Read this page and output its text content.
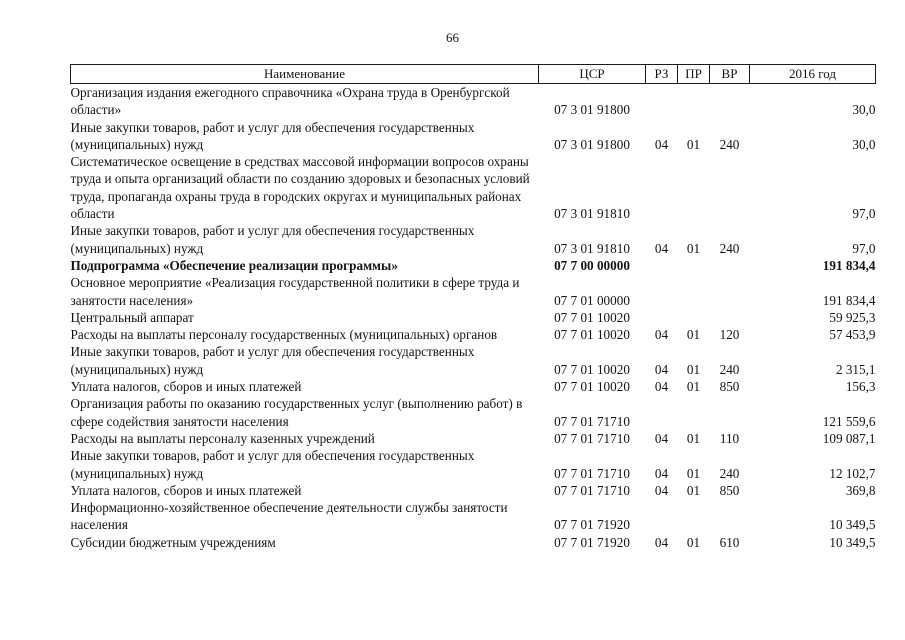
66
Наименование	ЦСР	РЗ	ПР	ВР	2016 год
Организация издания ежегодного справочника «Охрана труда в Оренбургской области»	07 3 01 91800				30,0
Иные закупки товаров, работ и услуг для обеспечения государственных (муниципальных) нужд	07 3 01 91800	04	01	240	30,0
Систематическое освещение в средствах массовой информации вопросов охраны труда и опыта организаций области по созданию здоровых и безопасных условий труда, пропаганда охраны труда в городских округах и муниципальных районах области	07 3 01 91810				97,0
Иные закупки товаров, работ и услуг для обеспечения государственных (муниципальных) нужд	07 3 01 91810	04	01	240	97,0
Подпрограмма «Обеспечение реализации программы»	07 7 00 00000				191 834,4
Основное мероприятие «Реализация государственной политики в сфере труда и занятости населения»	07 7 01 00000				191 834,4
Центральный аппарат	07 7 01 10020				59 925,3
Расходы на выплаты персоналу государственных (муниципальных) органов	07 7 01 10020	04	01	120	57 453,9
Иные закупки товаров, работ и услуг для обеспечения государственных (муниципальных) нужд	07 7 01 10020	04	01	240	2 315,1
Уплата налогов, сборов и иных платежей	07 7 01 10020	04	01	850	156,3
Организация работы по оказанию государственных услуг (выполнению работ) в сфере содействия занятости населения	07 7 01 71710				121 559,6
Расходы на выплаты персоналу казенных учреждений	07 7 01 71710	04	01	110	109 087,1
Иные закупки товаров, работ и услуг для обеспечения государственных (муниципальных) нужд	07 7 01 71710	04	01	240	12 102,7
Уплата налогов, сборов и иных платежей	07 7 01 71710	04	01	850	369,8
Информационно-хозяйственное обеспечение деятельности службы занятости населения	07 7 01 71920				10 349,5
Субсидии бюджетным учреждениям	07 7 01 71920	04	01	610	10 349,5
